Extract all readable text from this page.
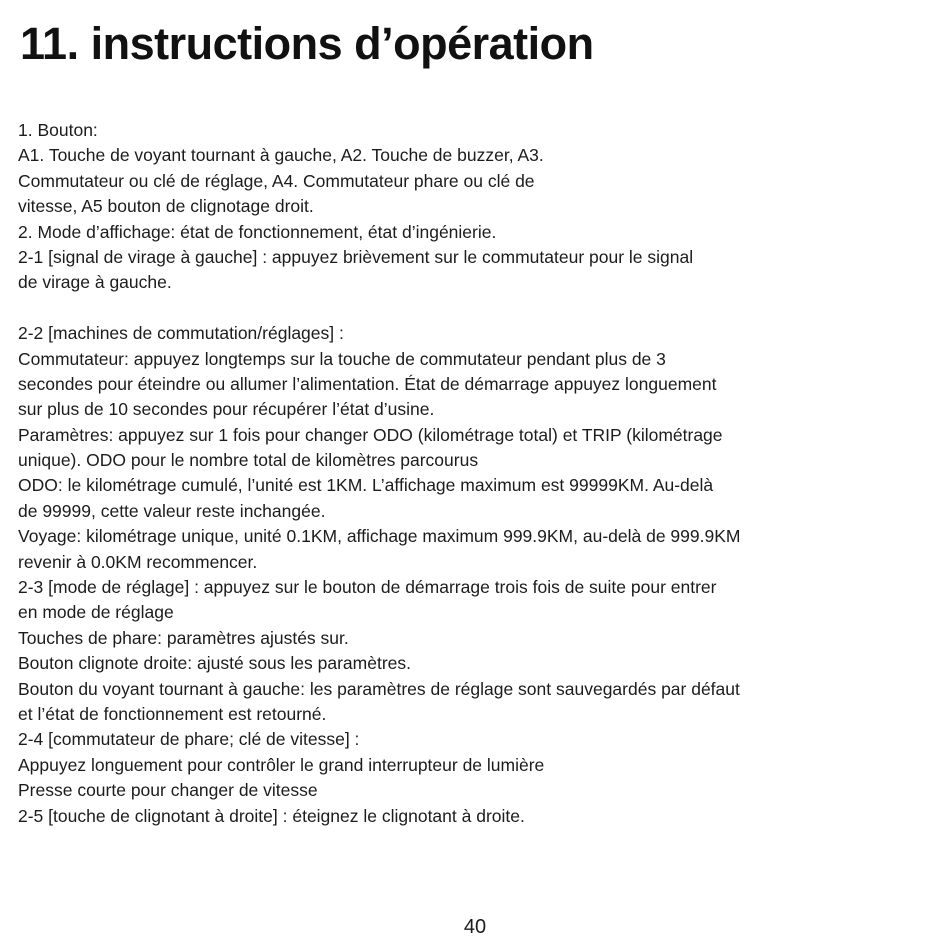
11. instructions d’opération
1. Bouton:
A1. Touche de voyant tournant à gauche, A2. Touche de buzzer, A3.
Commutateur ou clé de réglage, A4. Commutateur phare ou clé de
vitesse, A5 bouton de clignotage droit.
2. Mode d’affichage: état de fonctionnement, état d’ingénierie.
2-1 [signal de virage à gauche] : appuyez brièvement sur le commutateur pour le signal
de virage à gauche.
2-2 [machines de commutation/réglages] :
Commutateur: appuyez longtemps sur la touche de commutateur pendant plus de 3
secondes pour éteindre ou allumer l’alimentation. État de démarrage appuyez longuement
sur plus de 10 secondes pour récupérer l’état d’usine.
Paramètres: appuyez sur 1 fois pour changer ODO (kilométrage total) et TRIP (kilométrage
unique). ODO pour le nombre total de kilomètres parcourus
ODO: le kilométrage cumulé, l’unité est 1KM. L’affichage maximum est 99999KM. Au-delà
de 99999, cette valeur reste inchangée.
Voyage: kilométrage unique, unité 0.1KM, affichage maximum 999.9KM, au-delà de 999.9KM
revenir à 0.0KM recommencer.
2-3 [mode de réglage] : appuyez sur le bouton de démarrage trois fois de suite pour entrer
en mode de réglage
Touches de phare: paramètres ajustés sur.
Bouton clignote droite: ajusté sous les paramètres.
Bouton du voyant tournant à gauche: les paramètres de réglage sont sauvegardés par défaut
et l’état de fonctionnement est retourné.
2-4 [commutateur de phare; clé de vitesse] :
Appuyez longuement pour contrôler le grand interrupteur de lumière
Presse courte pour changer de vitesse
2-5 [touche de clignotant à droite] : éteignez le clignotant à droite.
40
